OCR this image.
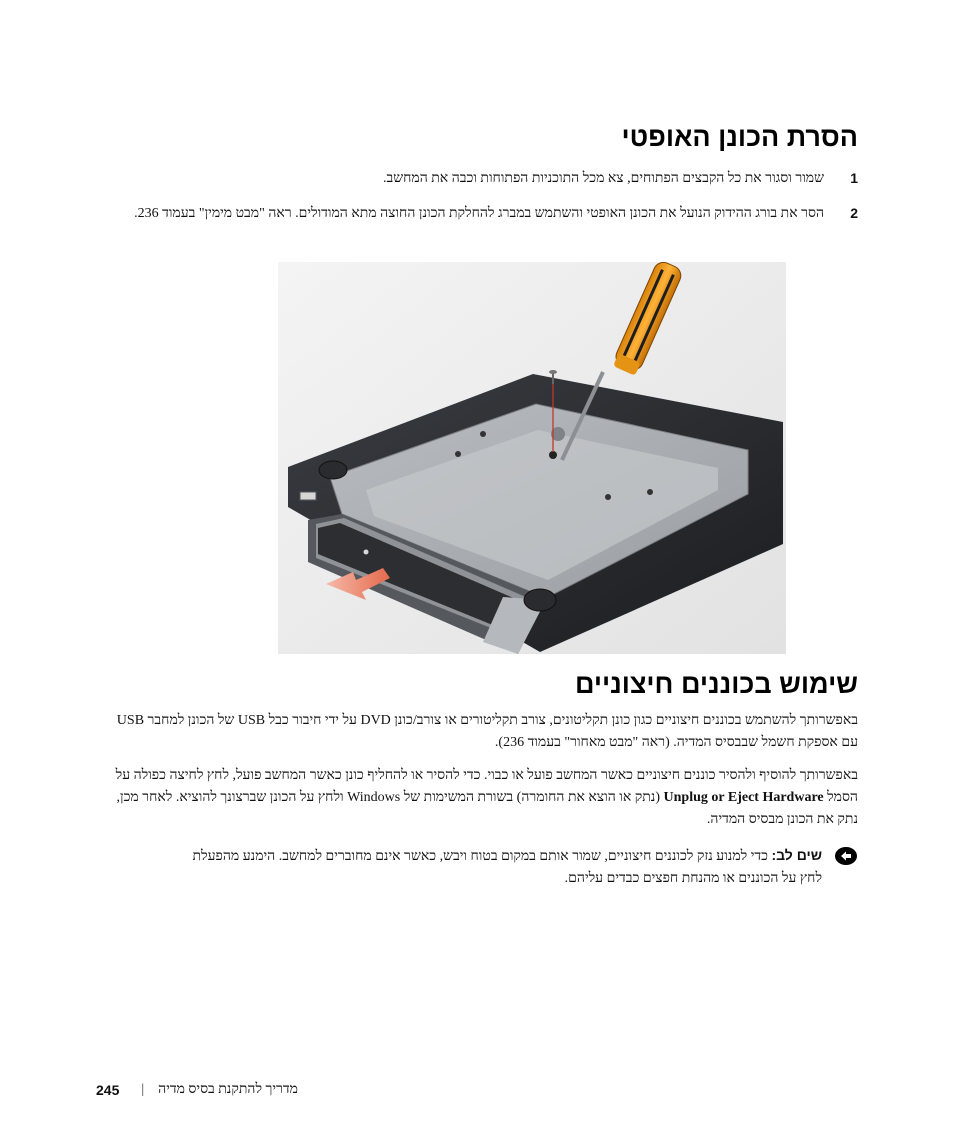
הסרת הכונן האופטי
1
שמור וסגור את כל הקבצים הפתוחים, צא מכל התוכניות הפתוחות וכבה את המחשב.
2
הסר את בורג ההידוק הנועל את הכונן האופטי והשתמש במברג להחלקת הכונן החוצה מתא המודולים. ראה "מבט מימין" בעמוד 236.
שימוש בכוננים חיצוניים
באפשרותך להשתמש בכוננים חיצוניים כגון כונן תקליטונים, צורב תקליטורים או צורב/כונן DVD על ידי חיבור כבל USB של הכונן למחבר USB עם אספקת חשמל שבבסיס המדיה. (ראה "מבט מאחור" בעמוד 236).
באפשרותך להוסיף ולהסיר כוננים חיצוניים כאשר המחשב פועל או כבוי. כדי להסיר או להחליף כונן כאשר המחשב פועל, לחץ לחיצה כפולה על הסמל Unplug or Eject Hardware (נתק או הוצא את החומרה) בשורת המשימות של Windows ולחץ על הכונן שברצונך להוציא. לאחר מכן, נתק את הכונן מבסיס המדיה.
שים לב: כדי למנוע נזק לכוננים חיצוניים, שמור אותם במקום בטוח ויבש, כאשר אינם מחוברים למחשב. הימנע מהפעלת לחץ על הכוננים או מהנחת חפצים כבדים עליהם.
245 | מדריך להתקנת בסיס מדיה
